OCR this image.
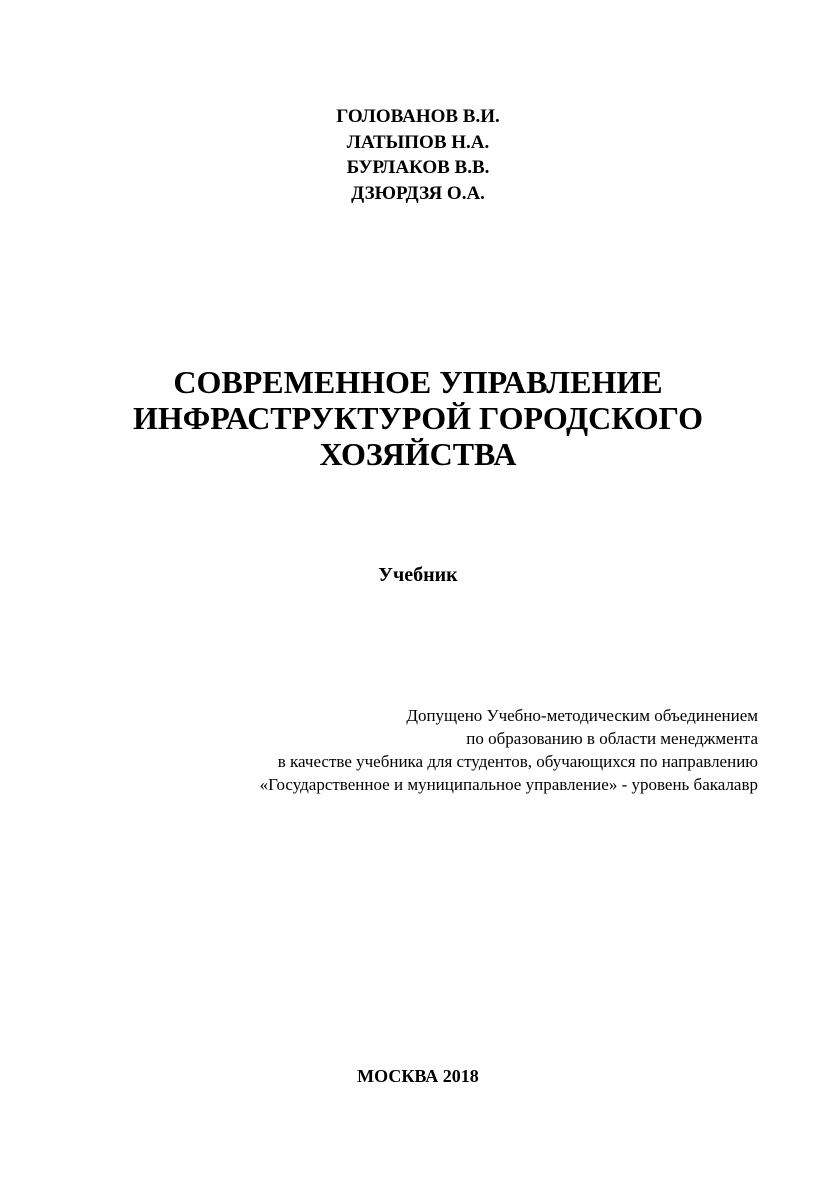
ГОЛОВАНОВ В.И.
ЛАТЫПОВ Н.А.
БУРЛАКОВ В.В.
ДЗЮРДЗЯ О.А.
СОВРЕМЕННОЕ УПРАВЛЕНИЕ
ИНФРАСТРУКТУРОЙ ГОРОДСКОГО
ХОЗЯЙСТВА
Учебник
Допущено Учебно-методическим объединением
по образованию в области менеджмента
в качестве учебника для студентов, обучающихся по направлению
«Государственное и муниципальное управление» - уровень бакалавр
МОСКВА 2018
